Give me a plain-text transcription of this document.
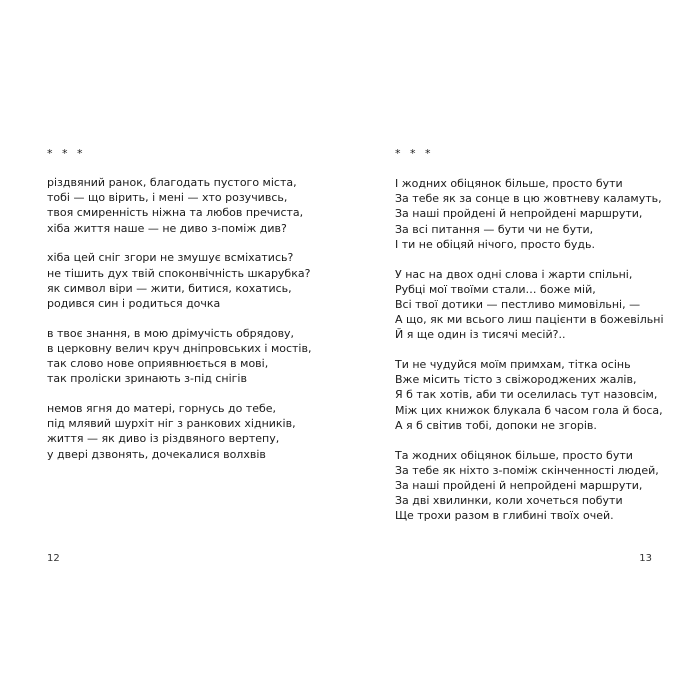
* * *

різдвяний ранок, благодать пустого міста,
тобі — що вірить, і мені — хто розучивсь,
твоя смиренність ніжна та любов пречиста,
хіба життя наше — не диво з-поміж див?

хіба цей сніг згори не змушує всміхатись?
не тішить дух твій споконвічність шкарубка?
як символ віри — жити, битися, кохатись,
родився син і родиться дочка

в твоє знання, в мою дрімучість обрядову,
в церковну велич круч дніпровських і мостів,
так слово нове оприявнюється в мові,
так проліски зринають з-під снігів

немов ягня до матері, горнусь до тебе,
під млявий шурхіт ніг з ранкових хідників,
життя — як диво із різдвяного вертепу,
у двері дзвонять, дочекалися волхвів

12
* * *

І жодних обіцянок більше, просто бути
За тебе як за сонце в цю жовтневу каламуть,
За наші пройдені й непройдені маршрути,
За всі питання — бути чи не бути,
І ти не обіцяй нічого, просто будь.

У нас на двох одні слова і жарти спільні,
Рубці мої твоїми стали… боже мій,
Всі твої дотики — пестливо мимовільні, —
А що, як ми всього лиш пацієнти в божевільні
Й я ще один із тисячі месій?..

Ти не чудуйся моїм примхам, тітка осінь
Вже місить тісто з свіжороджених жалів,
Я б так хотів, аби ти оселилась тут назовсім,
Між цих книжок блукала б часом гола й боса,
А я б світив тобі, допоки не згорів.

Та жодних обіцянок більше, просто бути
За тебе як ніхто з-поміж скінченності людей,
За наші пройдені й непройдені маршрути,
За дві хвилинки, коли хочеться побути
Ще трохи разом в глибині твоїх очей.

13
